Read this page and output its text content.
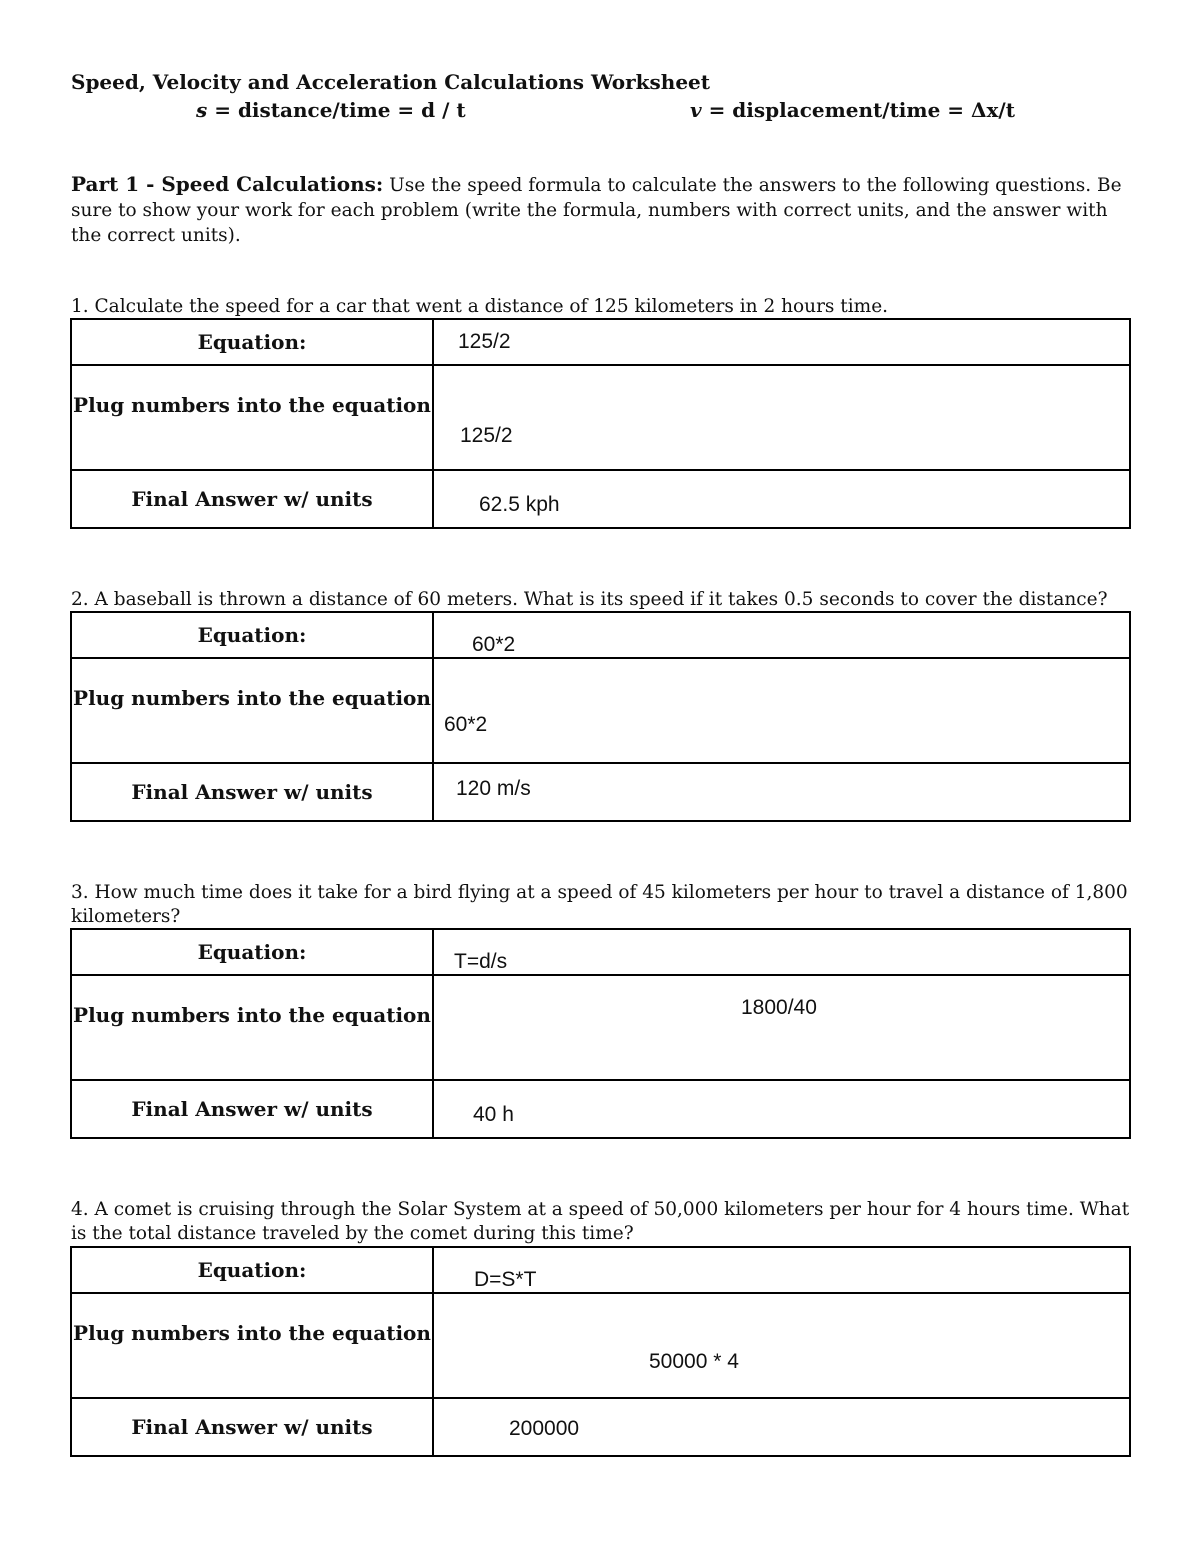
Speed, Velocity and Acceleration Calculations Worksheet
s = distance/time = d / t	v = displacement/time = Δx/t
Part 1 - Speed Calculations: Use the speed formula to calculate the answers to the following questions. Be sure to show your work for each problem (write the formula, numbers with correct units, and the answer with the correct units).
1. Calculate the speed for a car that went a distance of 125 kilometers in 2 hours time.
Equation:	125/2

Plug numbers into the equation	125/2

Final Answer w/ units	62.5 kph
2. A baseball is thrown a distance of 60 meters. What is its speed if it takes 0.5 seconds to cover the distance?
Equation:	60*2

Plug numbers into the equation	60*2

Final Answer w/ units	120 m/s
3. How much time does it take for a bird flying at a speed of 45 kilometers per hour to travel a distance of 1,800 kilometers?
Equation:	T=d/s

Plug numbers into the equation	1800/40

Final Answer w/ units	40 h
4. A comet is cruising through the Solar System at a speed of 50,000 kilometers per hour for 4 hours time. What is the total distance traveled by the comet during this time?
Equation:	D=S*T

Plug numbers into the equation	50000 * 4

Final Answer w/ units	200000
